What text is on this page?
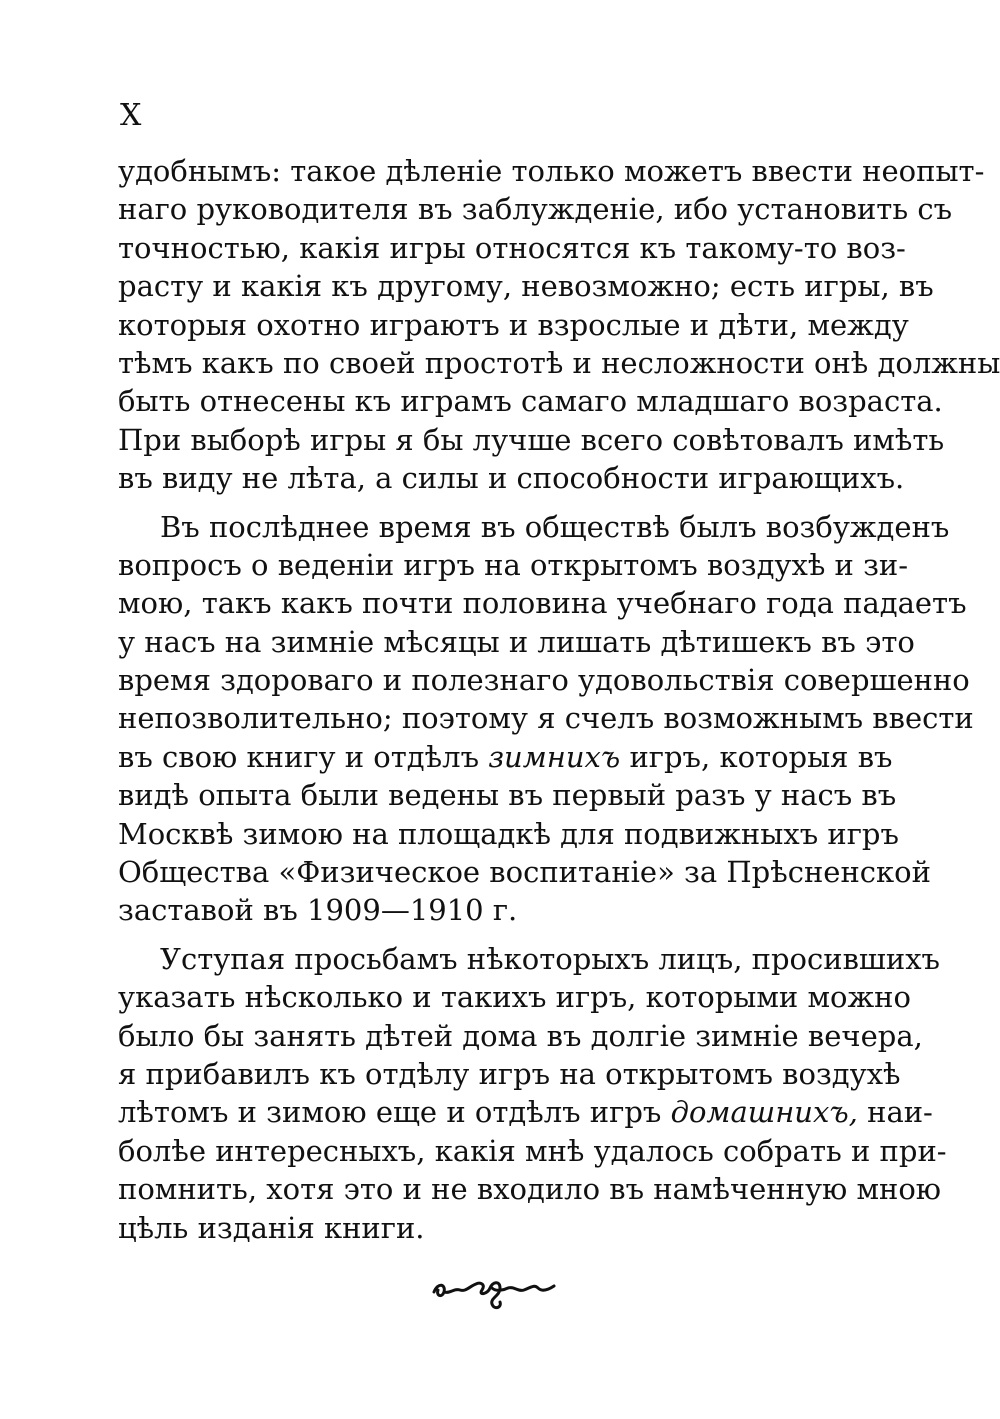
X
удобнымъ: такое дѣленіе только можетъ ввести неопыт-
наго руководителя въ заблужденіе, ибо установить съ
точностью, какія игры относятся къ такому-то воз-
расту и какія къ другому, невозможно; есть игры, въ
которыя охотно играютъ и взрослые и дѣти, между
тѣмъ какъ по своей простотѣ и несложности онѣ должны
быть отнесены къ играмъ самаго младшаго возраста.
При выборѣ игры я бы лучше всего совѣтовалъ имѣть
въ виду не лѣта, а силы и способности играющихъ.
Въ послѣднее время въ обществѣ былъ возбужденъ
вопросъ о веденіи игръ на открытомъ воздухѣ и зи-
мою, такъ какъ почти половина учебнаго года падаетъ
у насъ на зимніе мѣсяцы и лишать дѣтишекъ въ это
время здороваго и полезнаго удовольствія совершенно
непозволительно; поэтому я счелъ возможнымъ ввести
въ свою книгу и отдѣлъ зимнихъ игръ, которыя въ
видѣ опыта были ведены въ первый разъ у насъ въ
Москвѣ зимою на площадкѣ для подвижныхъ игръ
Общества «Физическое воспитаніе» за Прѣсненской
заставой въ 1909—1910 г.
Уступая просьбамъ нѣкоторыхъ лицъ, просившихъ
указать нѣсколько и такихъ игръ, которыми можно
было бы занять дѣтей дома въ долгіе зимніе вечера,
я прибавилъ къ отдѣлу игръ на открытомъ воздухѣ
лѣтомъ и зимою еще и отдѣлъ игръ домашнихъ, наи-
болѣе интересныхъ, какія мнѣ удалось собрать и при-
помнить, хотя это и не входило въ намѣченную мною
цѣль изданія книги.
